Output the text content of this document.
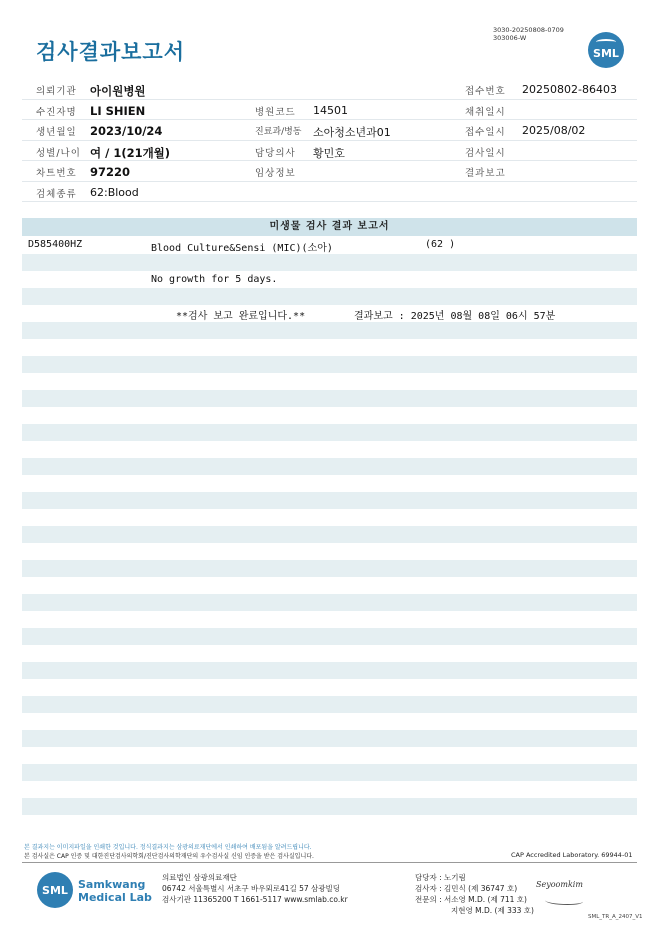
검사결과보고서
3030-20250808-0709
303006-W
SML
의뢰기관 아이원병원	접수번호 20250802-86403
수진자명 LI SHIEN	병원코드 14501	채취일시
생년월일 2023/10/24	진료과/병동 소아청소년과01	접수일시 2025/08/02
성별/나이 여 / 1(21개월)	담당의사 황민호	검사일시
차트번호 97220	임상정보	결과보고
검체종류 62:Blood
미생물 검사 결과 보고서
D585400HZ	Blood Culture&Sensi (MIC)(소아)	(62 )
No growth for 5 days.
**검사 보고 완료입니다.**	결과보고 : 2025년 08월 08일 06시 57분
본 결과지는 이미지파일을 인쇄한 것입니다. 정식결과지는 삼광의료재단에서 인쇄하여 배포됨을 알려드립니다.
본 검사실은 CAP 인증 및 대한진단검사의학회/진단검사의학재단의 우수검사실 신임 인증을 받은 검사실입니다.	CAP Accredited Laboratory. 69944-01
SML Samkwang
Medical Lab
의료법인 삼광의료재단
06742 서울특별시 서초구 바우뫼로41길 57 삼광빌딩
검사기관 11365200 T 1661-5117 www.smlab.co.kr
담당자 : 노기림
검사자 : 김민식 (제 36747 호)
전문의 : 서소영 M.D. (제 711 호)
지현영 M.D. (제 333 호)
Seyoomkim
SML_TR_A_2407_V1
